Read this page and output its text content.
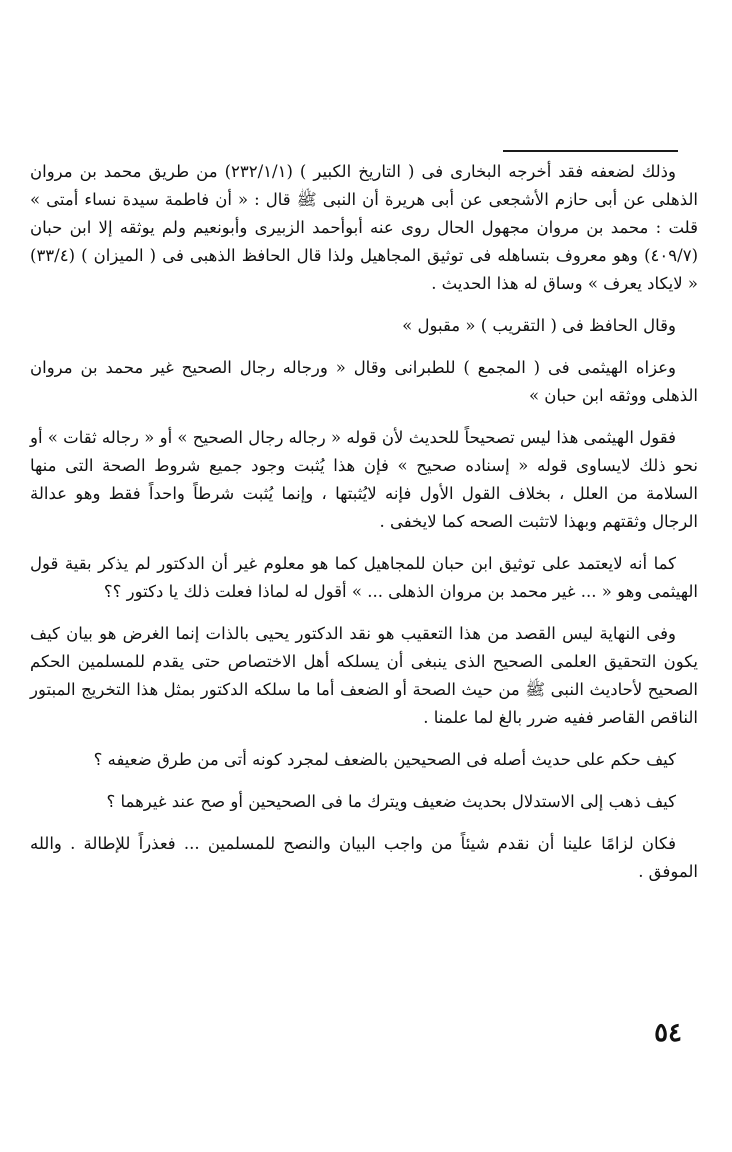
وذلك لضعفه فقد أخرجه البخارى فى ( التاريخ الكبير ) (٢٣٢/١/١) من طريق محمد بن مروان الذهلى عن أبى حازم الأشجعى عن أبى هريرة أن النبى ﷺ قال : « أن فاطمة سيدة نساء أمتى » قلت : محمد بن مروان مجهول الحال روى عنه أبوأحمد الزبيرى وأبونعيم ولم يوثقه إلا ابن حبان (٤٠٩/٧) وهو معروف بتساهله فى توثيق المجاهيل ولذا قال الحافظ الذهبى فى ( الميزان ) (٣٣/٤) « لايكاد يعرف » وساق له هذا الحديث .

وقال الحافظ فى ( التقريب ) « مقبول »

وعزاه الهيثمى فى ( المجمع ) للطبرانى وقال « ورجاله رجال الصحيح غير محمد بن مروان الذهلى ووثقه ابن حبان »

فقول الهيثمى هذا ليس تصحيحاً للحديث لأن قوله « رجاله رجال الصحيح » أو « رجاله ثقات » أو نحو ذلك لايساوى قوله « إسناده صحيح » فإن هذا يُثبت وجود جميع شروط الصحة التى منها السلامة من العلل ، بخلاف القول الأول فإنه لايُثبتها ، وإنما يُثبت شرطاً واحداً فقط وهو عدالة الرجال وثقتهم وبهذا لاتثبت الصحه كما لايخفى .

كما أنه لايعتمد على توثيق ابن حبان للمجاهيل كما هو معلوم غير أن الدكتور لم يذكر بقية قول الهيثمى وهو « ... غير محمد بن مروان الذهلى ... » أقول له لماذا فعلت ذلك يا دكتور ؟؟

وفى النهاية ليس القصد من هذا التعقيب هو نقد الدكتور يحيى بالذات إنما الغرض هو بيان كيف يكون التحقيق العلمى الصحيح الذى ينبغى أن يسلكه أهل الاختصاص حتى يقدم للمسلمين الحكم الصحيح لأحاديث النبى ﷺ من حيث الصحة أو الضعف أما ما سلكه الدكتور بمثل هذا التخريج المبتور الناقص القاصر ففيه ضرر بالغ لما علمنا .

كيف حكم على حديث أصله فى الصحيحين بالضعف لمجرد كونه أتى من طرق ضعيفه ؟

كيف ذهب إلى الاستدلال بحديث ضعيف ويترك ما فى الصحيحين أو صح عند غيرهما ؟

فكان لزامًا علينا أن نقدم شيئاً من واجب البيان والنصح للمسلمين ... فعذراً للإطالة . والله الموفق .

٥٤
